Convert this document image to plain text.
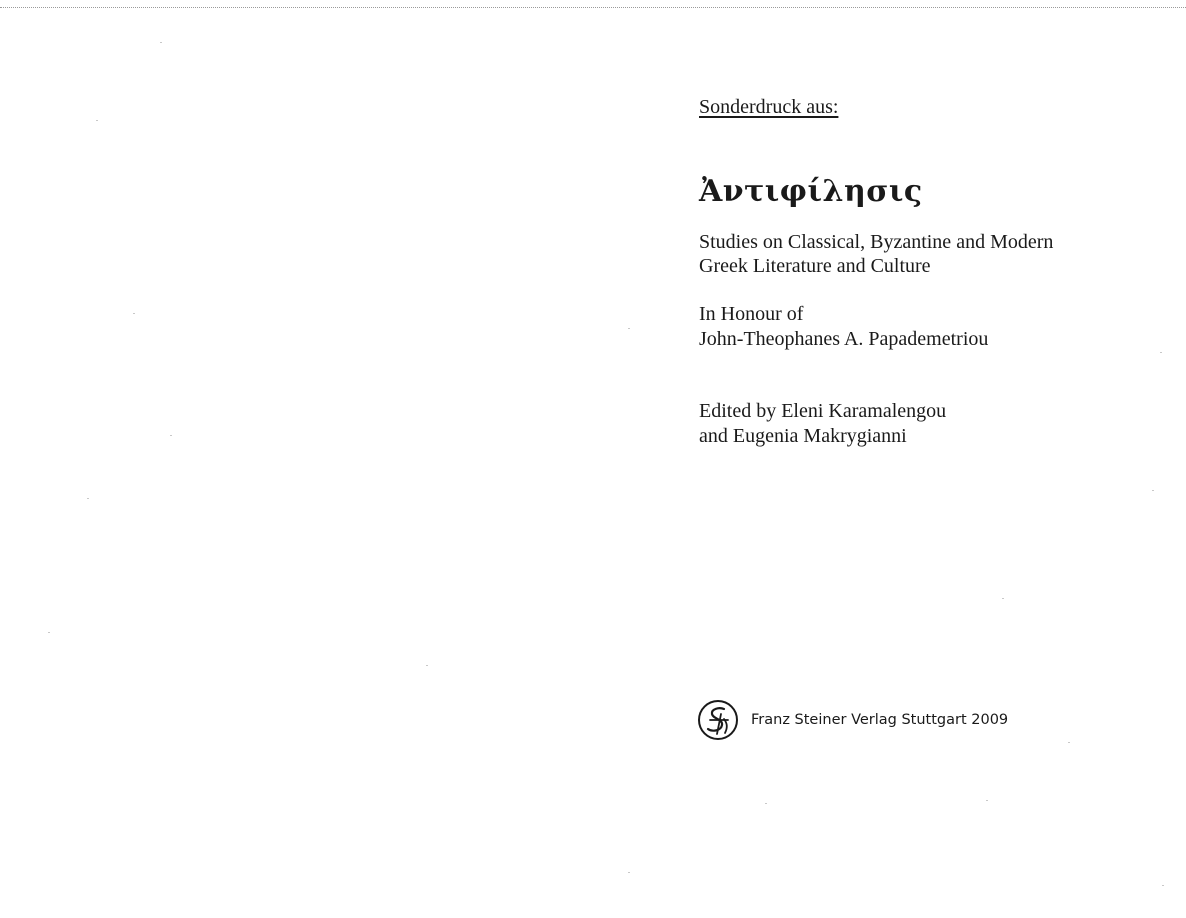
Sonderdruck aus:

Ἀντιφίλησις

Studies on Classical, Byzantine and Modern
Greek Literature and Culture

In Honour of
John-Theophanes A. Papademetriou

Edited by Eleni Karamalengou
and Eugenia Makrygianni

Franz Steiner Verlag Stuttgart 2009
